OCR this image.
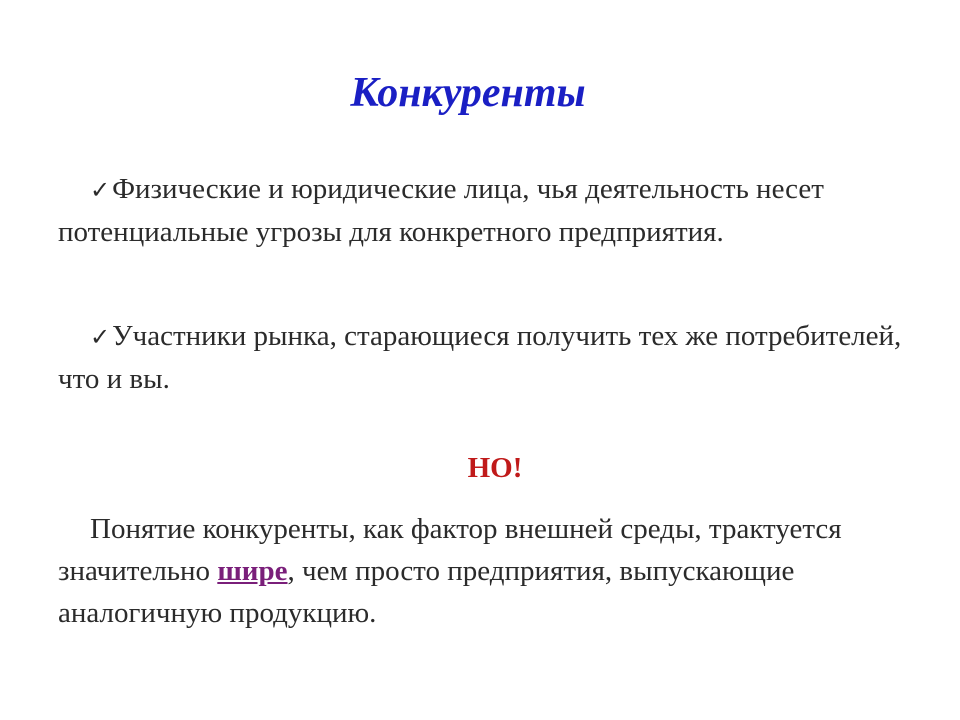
Конкуренты
✓Физические и юридические лица, чья деятельность несет потенциальные угрозы для конкретного предприятия.
✓Участники рынка, старающиеся получить тех же потребителей, что и вы.
НО!
Понятие конкуренты, как фактор внешней среды, трактуется значительно шире, чем просто предприятия, выпускающие аналогичную продукцию.
